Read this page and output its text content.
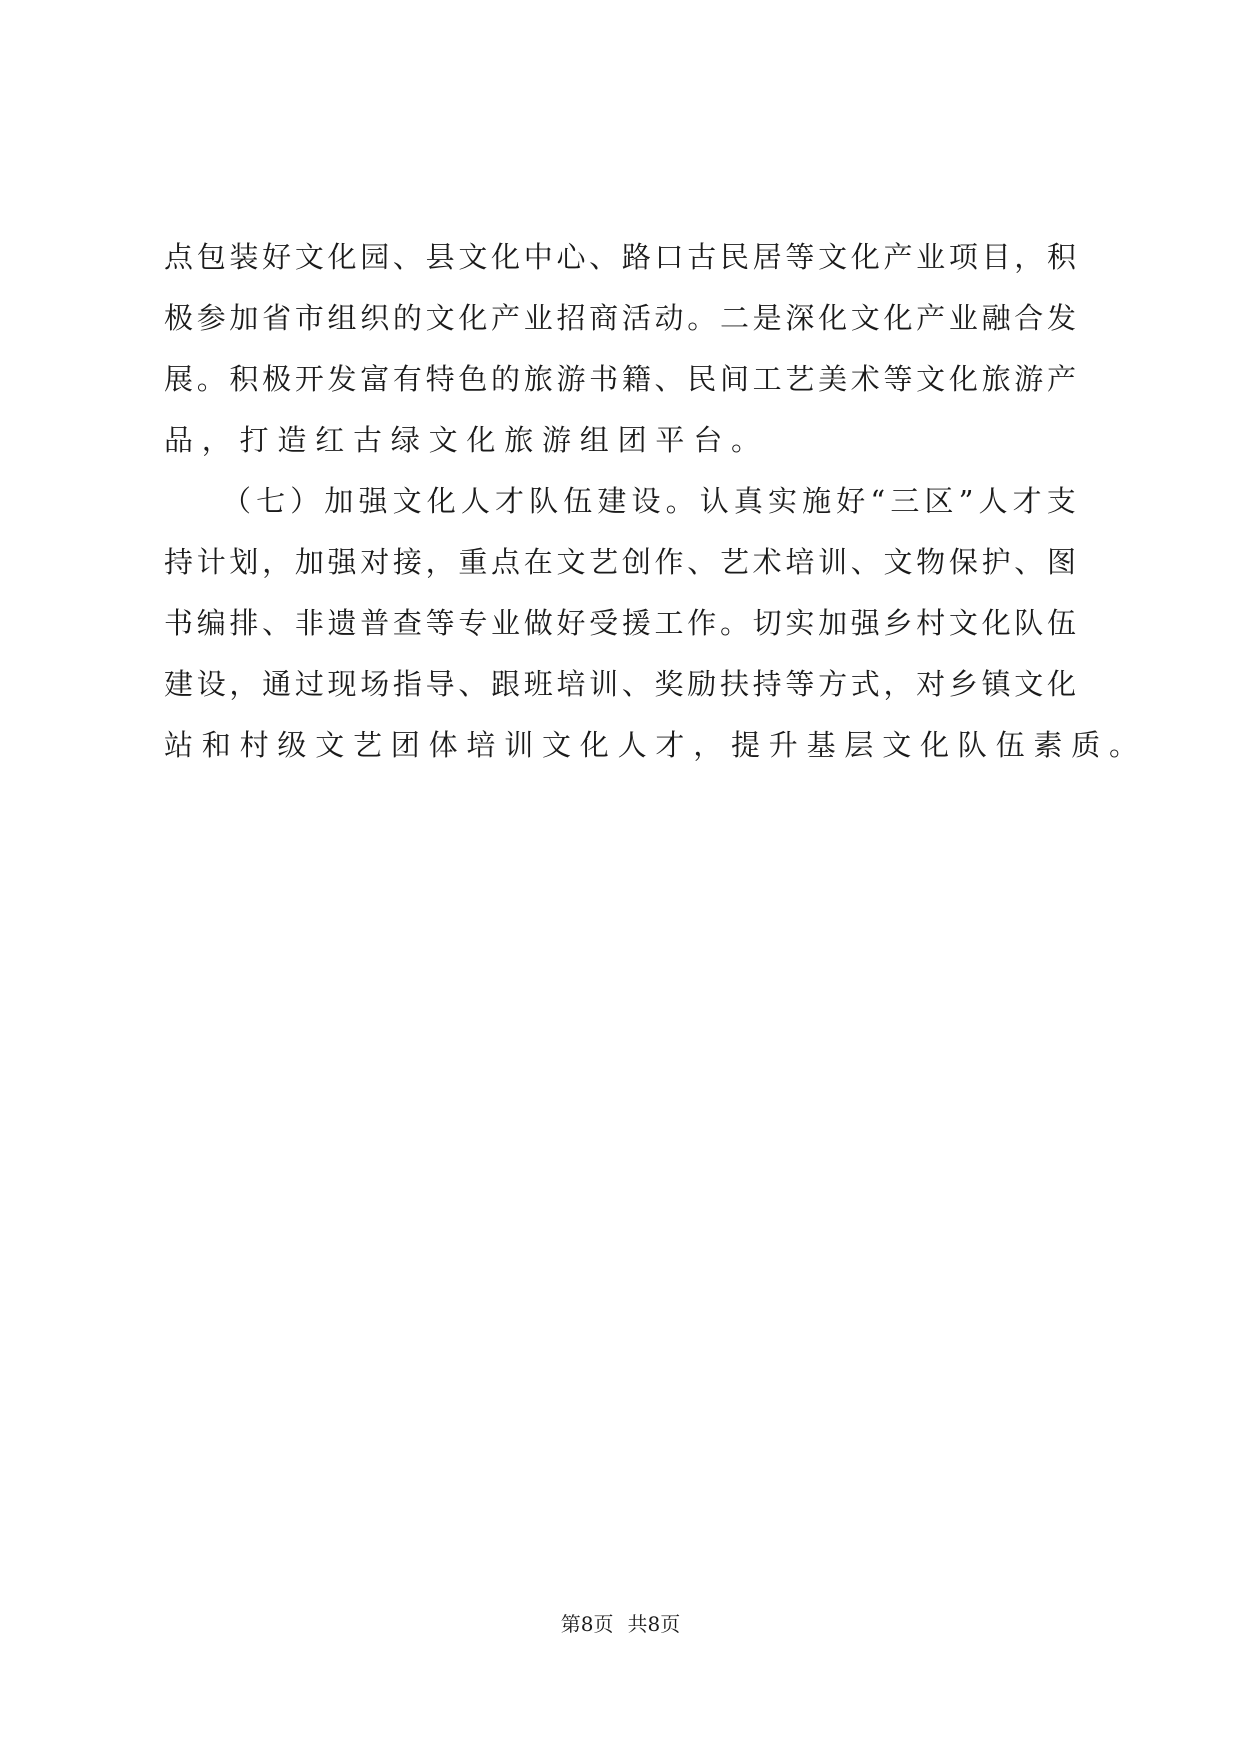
点 包 装 好 文 化 园 、 县 文 化 中 心 、 路 口 古 民 居 等 文 化 产 业 项 目 ， 积
极 参 加 省 市 组 织 的 文 化 产 业 招 商 活 动 。 二 是 深 化 文 化 产 业 融 合 发
展 。 积 极 开 发 富 有 特 色 的 旅 游 书 籍 、 民 间 工 艺 美 术 等 文 化 旅 游 产
品，打造红古绿文化旅游组团平台。
（ 七 ） 加 强 文 化 人 才 队 伍 建 设 。 认 真 实 施 好 “ 三 区 ” 人 才 支
持 计 划 ， 加 强 对 接 ， 重 点 在 文 艺 创 作 、 艺 术 培 训 、 文 物 保 护 、 图
书 编 排 、 非 遗 普 查 等 专 业 做 好 受 援 工 作 。 切 实 加 强 乡 村 文 化 队 伍
建 设 ， 通 过 现 场 指 导 、 跟 班 培 训 、 奖 励 扶 持 等 方 式 ， 对 乡 镇 文 化
站和村级文艺团体培训文化人才，提升基层文化队伍素质。
第8页 共8页
